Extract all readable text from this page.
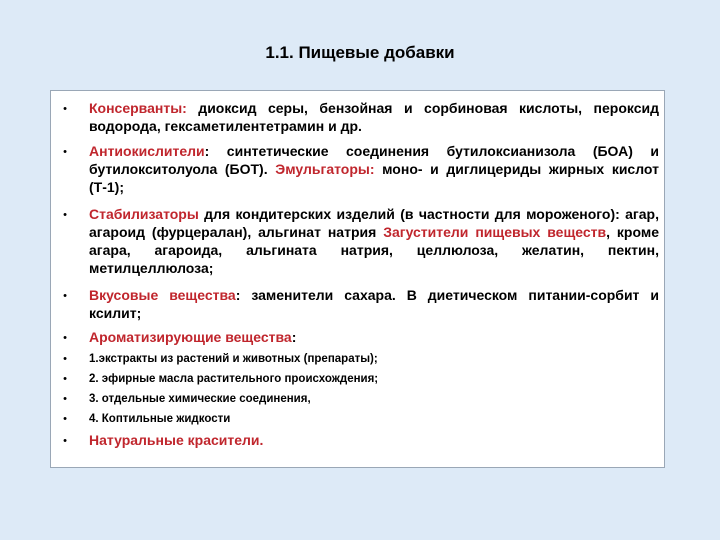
1.1. Пищевые добавки
• Консерванты: диоксид серы, бензойная и сорбиновая кислоты, пероксид водорода, гексаметилентетрамин и др.
• Антиокислители: синтетические соединения бутилоксианизола (БОА) и бутилокситолуола (БОТ). Эмульгаторы: моно- и диглицериды жирных кислот (Т-1);
• Стабилизаторы для кондитерских изделий (в частности для мороженого): агар, агароид (фурцералан), альгинат натрия Загустители пищевых веществ, кроме агара, агароида, альгината натрия, целлюлоза, желатин, пектин, метилцеллюлоза;
• Вкусовые вещества: заменители сахара. В диетическом питании-сорбит и ксилит;
• Ароматизирующие вещества:
• 1.экстракты из растений и животных (препараты);
• 2. эфирные масла растительного происхождения;
• 3. отдельные химические соединения,
• 4. Коптильные жидкости
• Натуральные красители.
